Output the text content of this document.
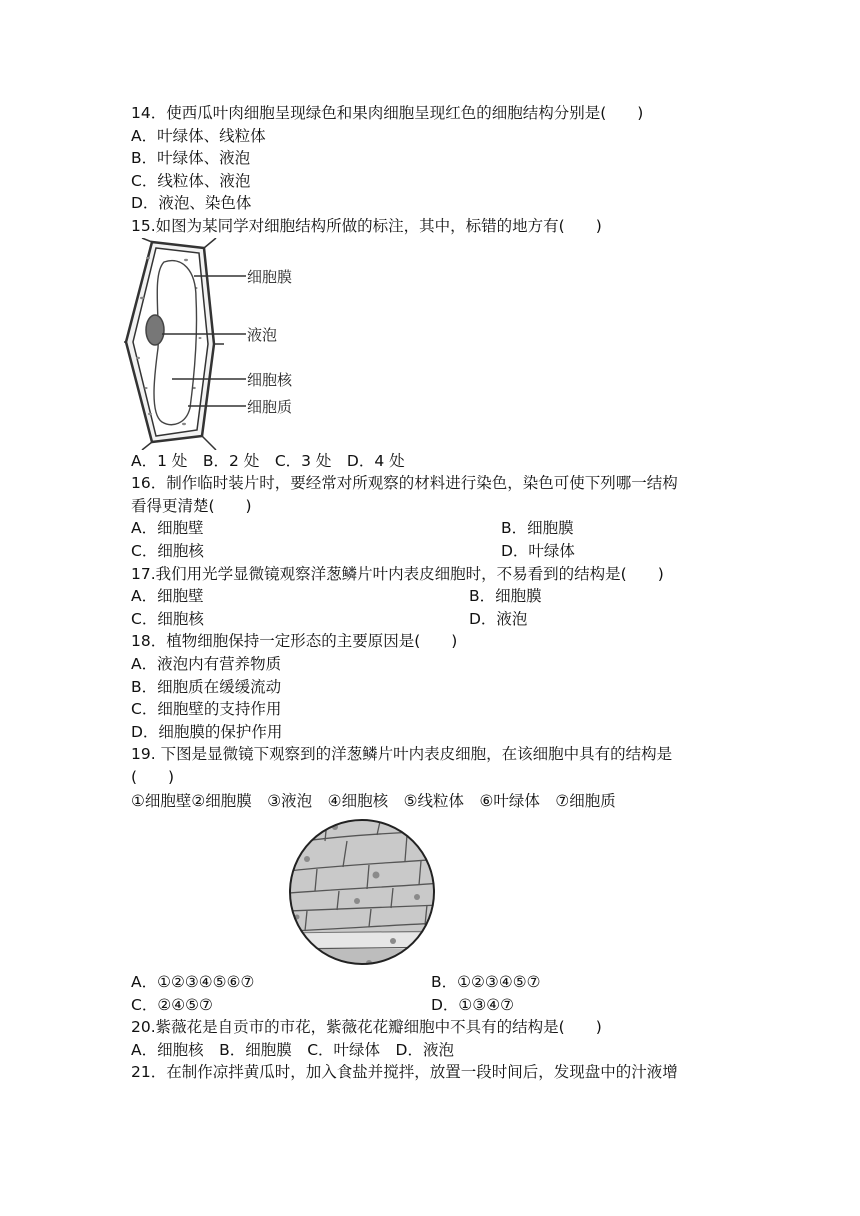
14．使西瓜叶肉细胞呈现绿色和果肉细胞呈现红色的细胞结构分别是(　　)
A．叶绿体、线粒体
B．叶绿体、液泡
C．线粒体、液泡
D．液泡、染色体
15.如图为某同学对细胞结构所做的标注，其中，标错的地方有(　　)
细胞膜
液泡
细胞核
细胞质
A．1 处　B．2 处　C．3 处　D．4 处
16．制作临时装片时，要经常对所观察的材料进行染色，染色可使下列哪一结构
看得更清楚(　　)
A．细胞壁	B．细胞膜
C．细胞核	D．叶绿体
17.我们用光学显微镜观察洋葱鳞片叶内表皮细胞时，不易看到的结构是(　　)
A．细胞壁	B．细胞膜
C．细胞核	D．液泡
18．植物细胞保持一定形态的主要原因是(　　)
A．液泡内有营养物质
B．细胞质在缓缓流动
C．细胞壁的支持作用
D．细胞膜的保护作用
19. 下图是显微镜下观察到的洋葱鳞片叶内表皮细胞，在该细胞中具有的结构是
(　　)
①细胞壁②细胞膜　③液泡　④细胞核　⑤线粒体　⑥叶绿体　⑦细胞质
A．①②③④⑤⑥⑦	B．①②③④⑤⑦
C．②④⑤⑦	D．①③④⑦
20.紫薇花是自贡市的市花，紫薇花花瓣细胞中不具有的结构是(　　)
A．细胞核　B．细胞膜　C．叶绿体　D．液泡
21．在制作凉拌黄瓜时，加入食盐并搅拌，放置一段时间后，发现盘中的汁液增
